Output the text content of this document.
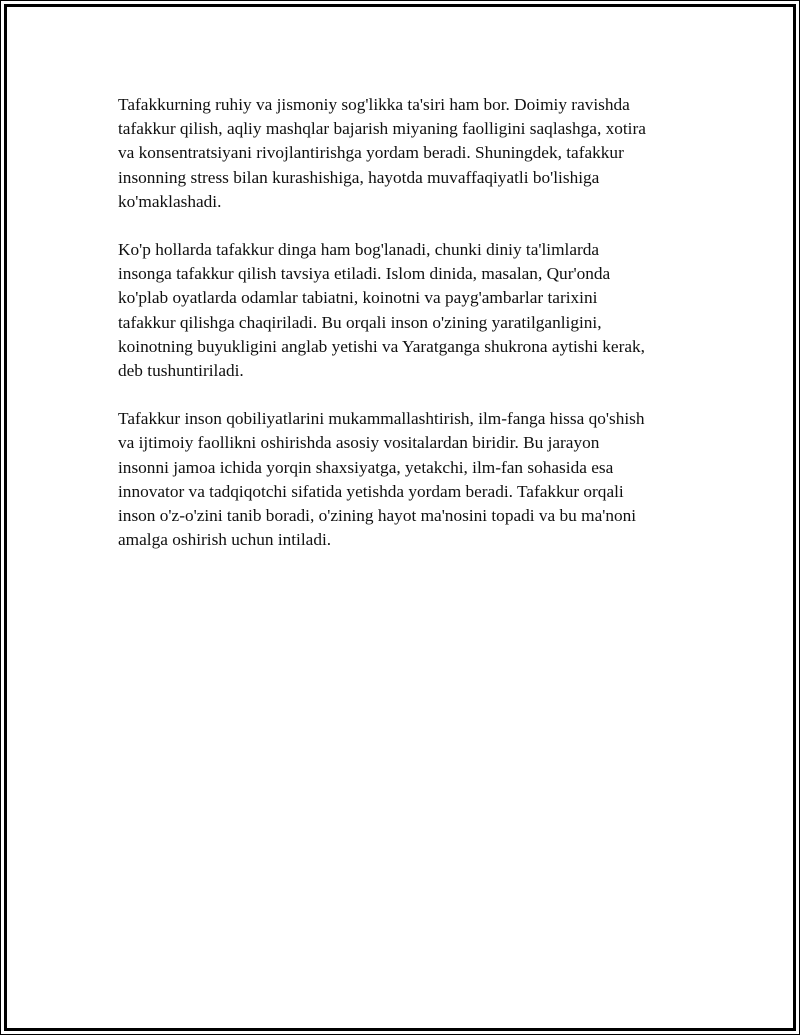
Tafakkurning ruhiy va jismoniy sog'likka ta'siri ham bor. Doimiy ravishda
tafakkur qilish, aqliy mashqlar bajarish miyaning faolligini saqlashga, xotira
va konsentratsiyani rivojlantirishga yordam beradi. Shuningdek, tafakkur
insonning stress bilan kurashishiga, hayotda muvaffaqiyatli bo'lishiga
ko'maklashadi.

Ko'p hollarda tafakkur dinga ham bog'lanadi, chunki diniy ta'limlarda
insonga tafakkur qilish tavsiya etiladi. Islom dinida, masalan, Qur'onda
ko'plab oyatlarda odamlar tabiatni, koinotni va payg'ambarlar tarixini
tafakkur qilishga chaqiriladi. Bu orqali inson o'zining yaratilganligini,
koinotning buyukligini anglab yetishi va Yaratganga shukrona aytishi kerak,
deb tushuntiriladi.

Tafakkur inson qobiliyatlarini mukammallashtirish, ilm-fanga hissa qo'shish
va ijtimoiy faollikni oshirishda asosiy vositalardan biridir. Bu jarayon
insonni jamoa ichida yorqin shaxsiyatga, yetakchi, ilm-fan sohasida esa
innovator va tadqiqotchi sifatida yetishda yordam beradi. Tafakkur orqali
inson o'z-o'zini tanib boradi, o'zining hayot ma'nosini topadi va bu ma'noni
amalga oshirish uchun intiladi.
